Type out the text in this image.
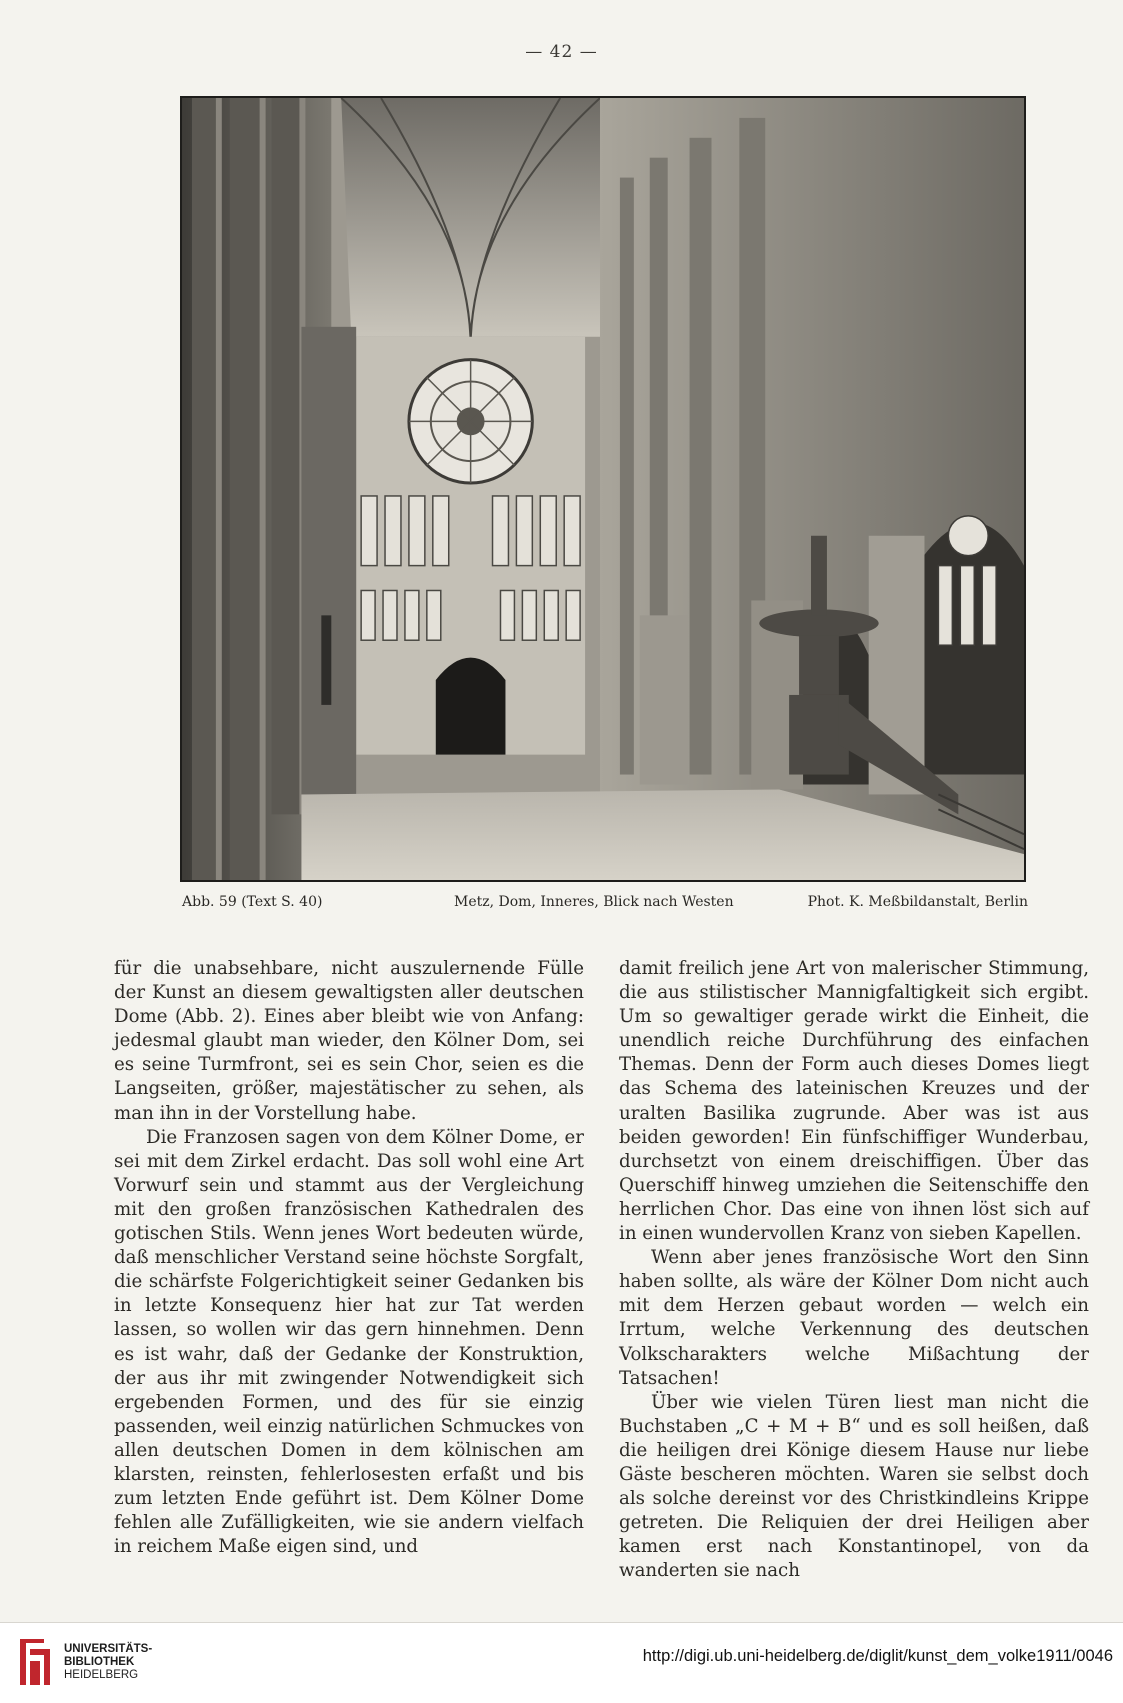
— 42 —
Abb. 59 (Text S. 40)	Metz, Dom, Inneres, Blick nach Westen	Phot. K. Meßbildanstalt, Berlin

für die unabsehbare, nicht auszulernende Fülle der Kunst an diesem gewaltigsten aller deutschen Dome (Abb. 2). Eines aber bleibt wie von Anfang: jedesmal glaubt man wieder, den Kölner Dom, sei es seine Turmfront, sei es sein Chor, seien es die Langseiten, größer, majestätischer zu sehen, als man ihn in der Vorstellung habe.

Die Franzosen sagen von dem Kölner Dome, er sei mit dem Zirkel erdacht. Das soll wohl eine Art Vorwurf sein und stammt aus der Vergleichung mit den großen französischen Kathedralen des gotischen Stils. Wenn jenes Wort bedeuten würde, daß menschlicher Verstand seine höchste Sorgfalt, die schärfste Folgerichtigkeit seiner Gedanken bis in letzte Konsequenz hier hat zur Tat werden lassen, so wollen wir das gern hinnehmen. Denn es ist wahr, daß der Gedanke der Konstruktion, der aus ihr mit zwingender Notwendigkeit sich ergebenden Formen, und des für sie einzig passenden, weil einzig natürlichen Schmuckes von allen deutschen Domen in dem kölnischen am klarsten, reinsten, fehlerlosesten erfaßt und bis zum letzten Ende geführt ist. Dem Kölner Dome fehlen alle Zufälligkeiten, wie sie andern vielfach in reichem Maße eigen sind, und

damit freilich jene Art von malerischer Stimmung, die aus stilistischer Mannigfaltigkeit sich ergibt. Um so gewaltiger gerade wirkt die Einheit, die unendlich reiche Durchführung des einfachen Themas. Denn der Form auch dieses Domes liegt das Schema des lateinischen Kreuzes und der uralten Basilika zugrunde. Aber was ist aus beiden geworden! Ein fünfschiffiger Wunderbau, durchsetzt von einem dreischiffigen. Über das Querschiff hinweg umziehen die Seitenschiffe den herrlichen Chor. Das eine von ihnen löst sich auf in einen wundervollen Kranz von sieben Kapellen.

Wenn aber jenes französische Wort den Sinn haben sollte, als wäre der Kölner Dom nicht auch mit dem Herzen gebaut worden — welch ein Irrtum, welche Verkennung des deutschen Volkscharakters welche Mißachtung der Tatsachen!

Über wie vielen Türen liest man nicht die Buchstaben „C + M + B“ und es soll heißen, daß die heiligen drei Könige diesem Hause nur liebe Gäste bescheren möchten. Waren sie selbst doch als solche dereinst vor des Christkindleins Krippe getreten. Die Reliquien der drei Heiligen aber kamen erst nach Konstantinopel, von da wanderten sie nach

UNIVERSITÄTS-
BIBLIOTHEK
HEIDELBERG
http://digi.ub.uni-heidelberg.de/diglit/kunst_dem_volke1911/0046
